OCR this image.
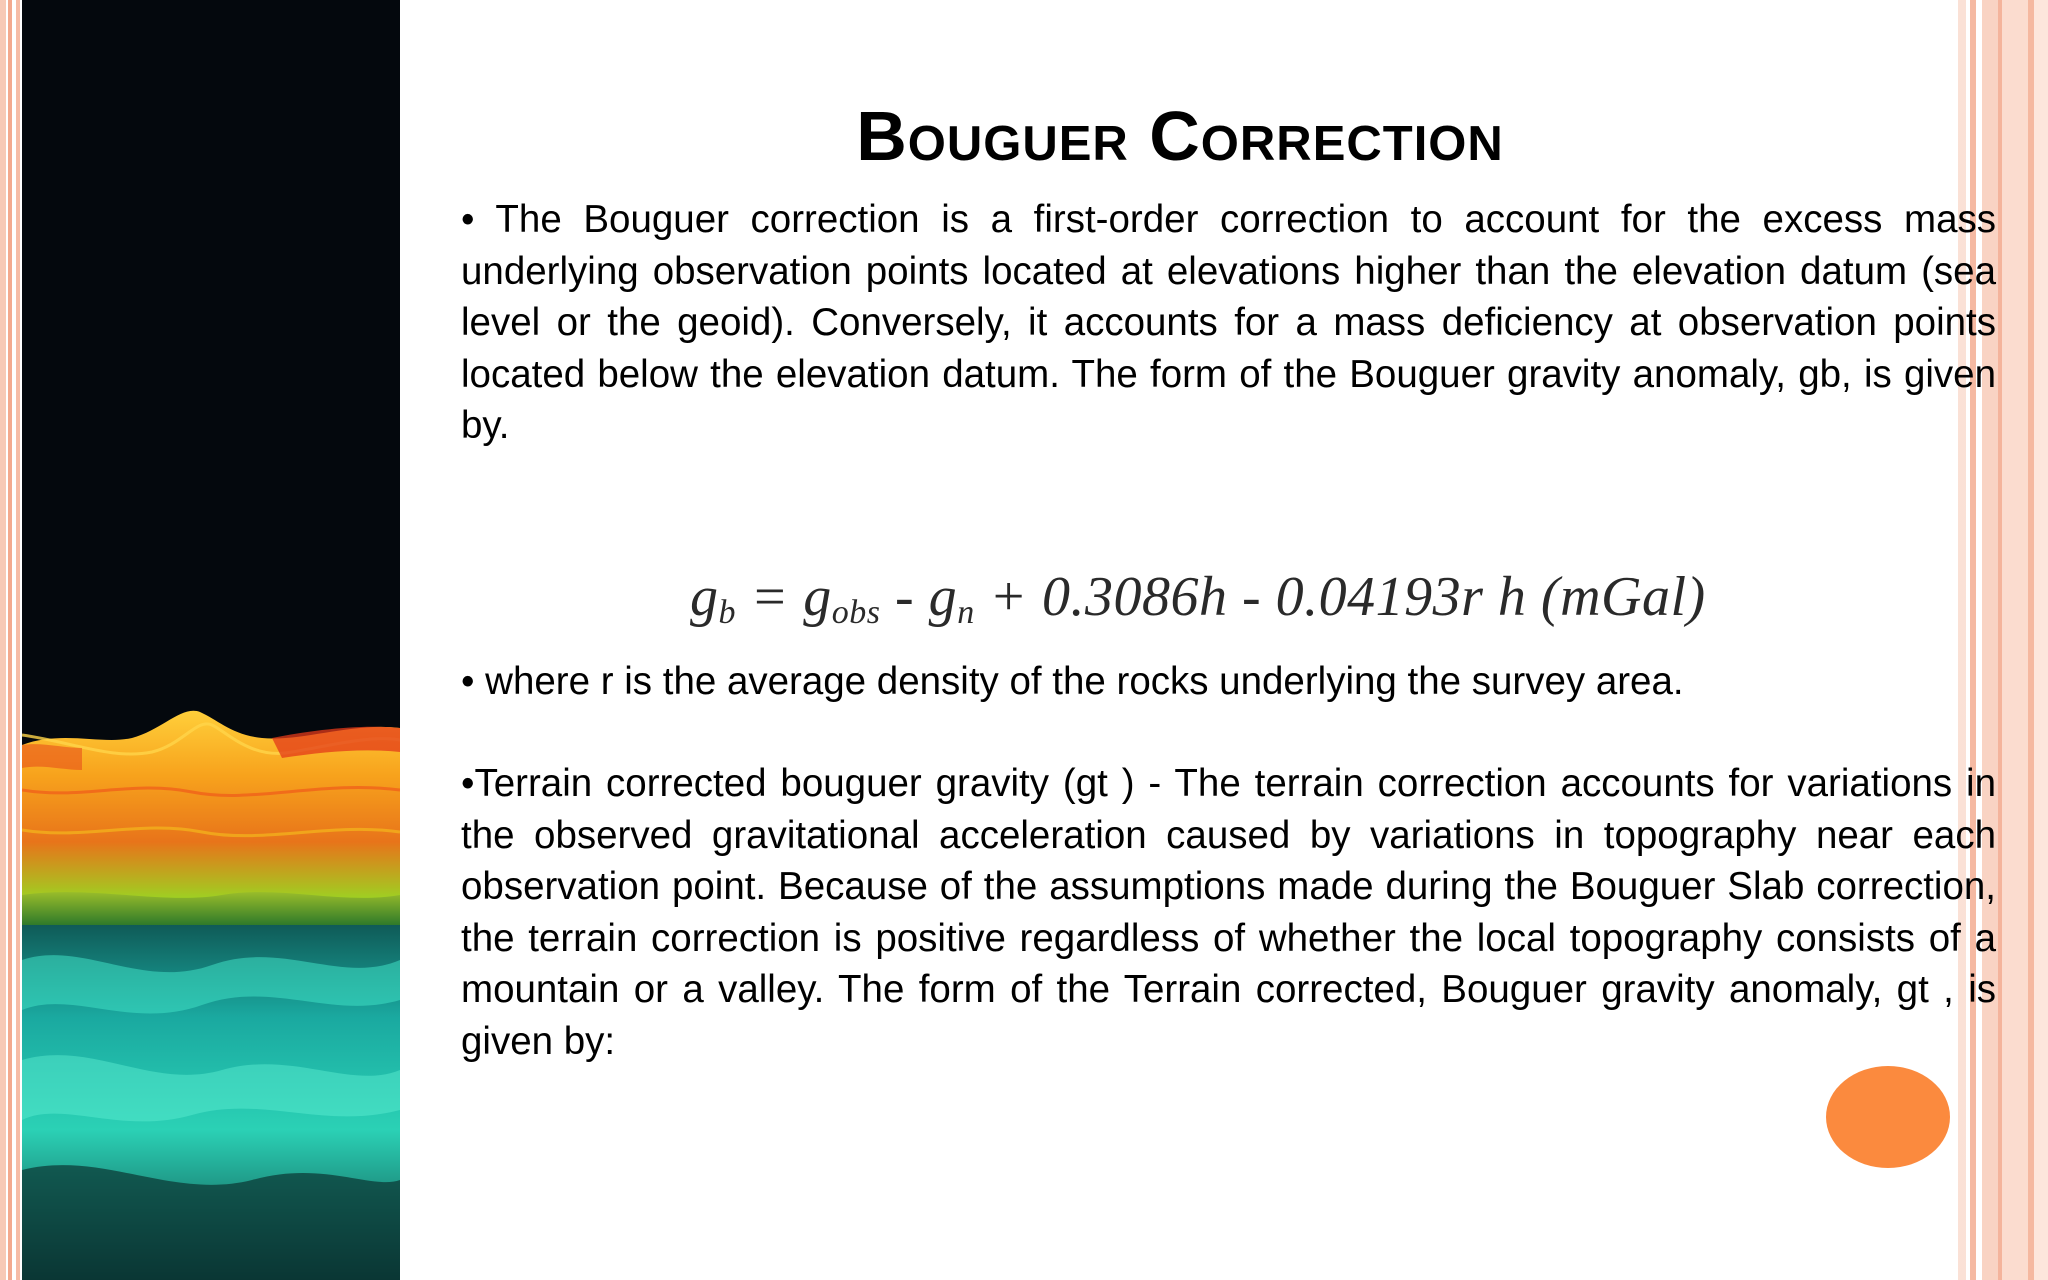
Bouguer Correction

• The Bouguer correction is a first-order correction to account for the excess mass underlying observation points located at elevations higher than the elevation datum (sea level or the geoid). Conversely, it accounts for a mass deficiency at observation points located below the elevation datum. The form of the Bouguer gravity anomaly, gb, is given by.

$g_b = g_{obs} - g_n + 0.3086h - 0.04193r$ h (mGal)

• where r is the average density of the rocks underlying the survey area.

•Terrain corrected bouguer gravity (gt ) - The terrain correction accounts for variations in the observed gravitational acceleration caused by variations in topography near each observation point. Because of the assumptions made during the Bouguer Slab correction, the terrain correction is positive regardless of whether the local topography consists of a mountain or a valley. The form of the Terrain corrected, Bouguer gravity anomaly, gt , is given by:
